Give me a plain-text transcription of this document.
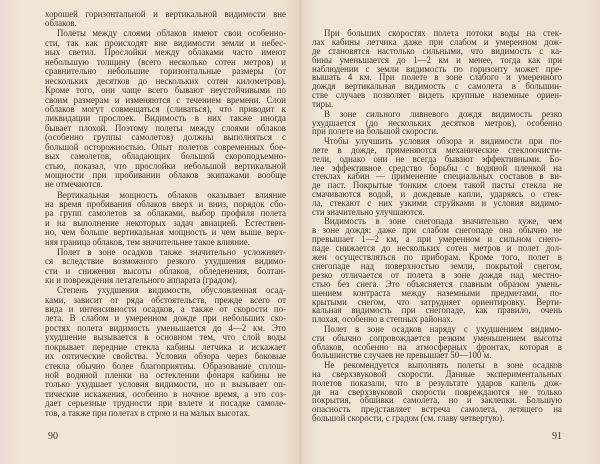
хорошей горизонтальной и вертикальной видимости вне
облаков.
Полеты между слоями облаков имеют свои особенно-
сти, так как происходят вне видимости земли и небес-
ных светил. Прослойки между облаками часто имеют
небольшую толщину (всего несколько сотен метров) и
сравнительно небольшие горизонтальные размеры (от
нескольких десятков до нескольких сотен километров).
Кроме того, они чаще всего бывают неустойчивыми по
своим размерам и изменяются с течением времени. Слои
облаков могут совмещаться (сливаться), что приводит к
ликвидации прослоек. Видимость в них также иногда
бывает плохой. Поэтому полеты между слоями облаков
(особенно группы самолетов) должны выполняться с
большой осторожностью. Опыт полетов современных бое-
вых самолетов, обладающих большой скороподъемно-
стью, показал, что прослойки небольшой вертикальной
мощности при пробивании облаков экипажами вообще
не отмечаются.
Вертикальная мощность облаков оказывает влияние
на время пробивания облаков вверх и вниз, порядок сбо-
ра групп самолетов за облаками, выбор профиля полета
и на выполнение некоторых задач авиацией. Естествен-
но, чем больше вертикальная мощность и чем выше верх-
няя граница облаков, тем значительнее такое влияние.
Полет в зоне осадков также значительно усложняет-
ся вследствие возможного резкого ухудшения видимо-
сти и снижения высоты облаков, обледенения, болтан-
ки и повреждения летательного аппарата (градом).
Степень ухудшения видимости, обусловленная осад-
ками, зависит от ряда обстоятельств, прежде всего от
вида и интенсивности осадков, а также от скорости по-
лета. В слабом и умеренном дожде при небольших ско-
ростях полета видимость уменьшается до 4—2 км. Это
ухудшение вызывается в основном тем, что слой воды
покрывает передние стекла кабины летчика и искажает
их оптические свойства. Условия обзора через боковые
стекла обычно более благоприятны. Образование сплош-
ной водяной пленки на остеклении фонаря кабины не
только ухудшает условия видимости, но и вызывает оп-
тические искажения, особенно в ночное время, а это соз-
дает серьезные трудности при взлете и посадке самоле-
тов, а также при полетах в строю и на малых высотах.
При больших скоростях полета потоки воды на стек-
лах кабины летчика даже при слабом и умеренном дож-
де становятся настолько сильными, что видимость с ка-
бины уменьшается до 1—2 км и менее, тогда как при
наблюдении с земли видимость по горизонту может пре-
вышать 4 км. При полете в зоне слабого и умеренного
дождя вертикальная видимость с самолета в большин-
стве случаев позволяет видеть крупные наземные ориен-
тиры.
В зоне сильного ливневого дождя видимость резко
ухудшается (до нескольких десятков метров), особенно
при полете на большой скорости.
Чтобы улучшить условия обзора и видимости при по-
лете в дожде, применяются механические стеклоочисти-
тели, однако они не всегда бывают эффективными. Бо-
лее эффективное средство борьбы с водяной пленкой на
стеклах кабин — применение специальных составов в ви-
де паст. Покрытые тонким слоем такой пасты стекла не
смачиваются водой, и дождевые капли, ударяясь о стек-
ла, стекают с них узкими струйками и условия видимо-
сти значительно улучшаются.
Видимость в зоне снегопада значительно хуже, чем
в зоне дождя: даже при слабом снегопаде она обычно не
превышает 1—2 км, а при умеренном и сильном снего-
паде снижается до нескольких сотен метров и полет дол-
жен осуществляться по приборам. Кроме того, полет в
снегопаде над поверхностью земли, покрытой снегом,
резко отличается от полета в зоне дождя над местно-
стью без снега. Это объясняется главным образом умень-
шением контраста между наземными предметами, по-
крытыми снегом, что затрудняет ориентировку. Верти-
кальная видимость при снегопаде, как правило, очень
плохая, особенно в степных районах.
Полет в зоне осадков наряду с ухудшением видимо-
сти обычно сопровождается резким уменьшением высоты
облаков, особенно на атмосферных фронтах, которая в
большинстве случаев не превышает 50—100 м.
Не рекомендуется выполнять полеты в зоне осадков
на сверхзвуковой скорости. Данные экспериментальных
полетов показали, что в результате ударов капель дож-
дя на сверхзвуковой скорости повреждаются не только
покрытия, обшивки самолета, но и заклепки. Большую
опасность представляет встреча самолета, летящего на
большой скорости, с градом (см. главу четвертую).
90	91
